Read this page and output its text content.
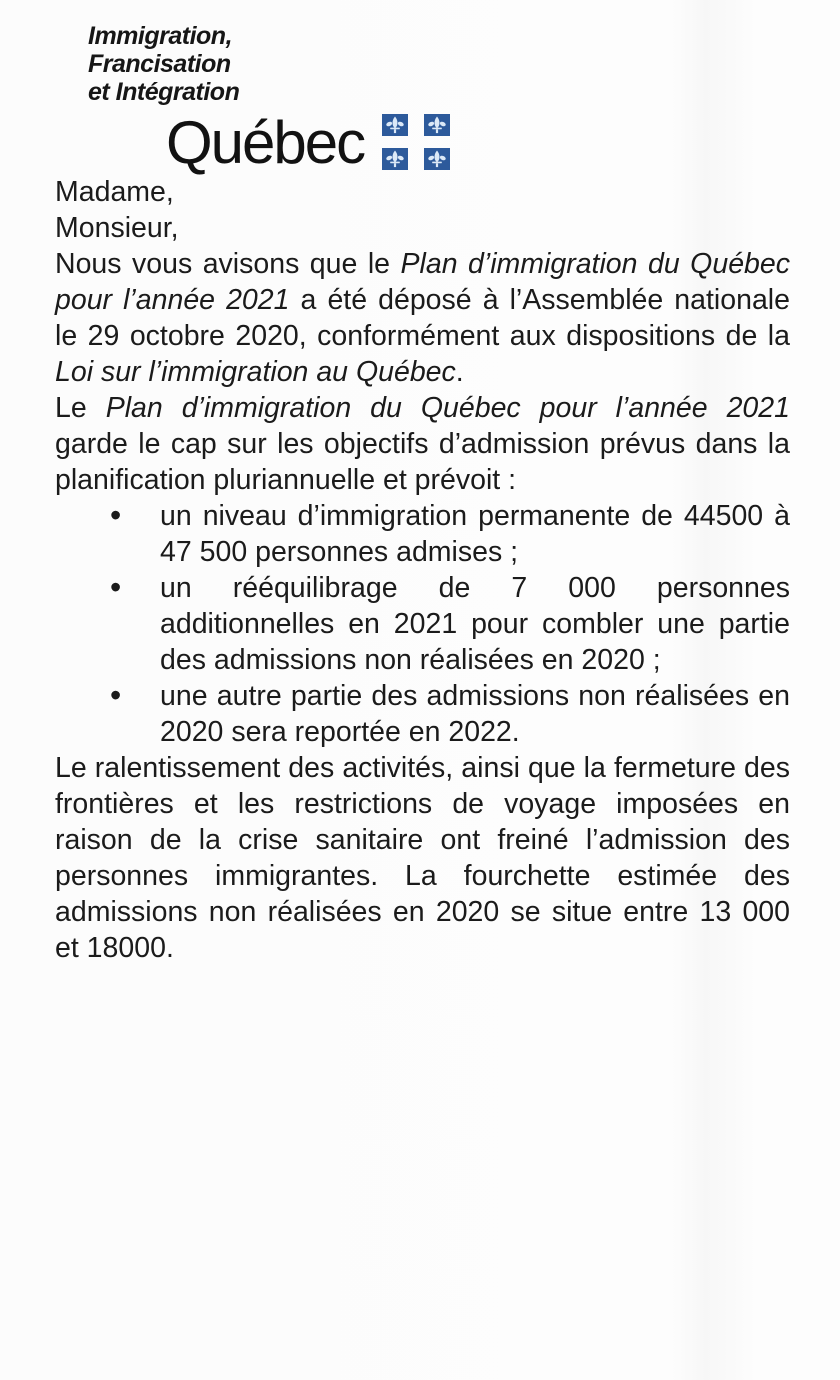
Immigration,
Francisation
et Intégration
Québec

Madame,
Monsieur,

Nous vous avisons que le Plan d’immigration du Québec pour l’année 2021 a été déposé à l’Assemblée nationale le 29 octobre 2020, conformément aux dispositions de la Loi sur l’immigration au Québec.

Le Plan d’immigration du Québec pour l’année 2021 garde le cap sur les objectifs d’admission prévus dans la planification pluriannuelle et prévoit :

• un niveau d’immigration permanente de 44500 à 47 500 personnes admises ;
• un rééquilibrage de 7 000 personnes additionnelles en 2021 pour combler une partie des admissions non réalisées en 2020 ;
• une autre partie des admissions non réalisées en 2020 sera reportée en 2022.

Le ralentissement des activités, ainsi que la fermeture des frontières et les restrictions de voyage imposées en raison de la crise sanitaire ont freiné l’admission des personnes immigrantes. La fourchette estimée des admissions non réalisées en 2020 se situe entre 13 000 et 18000.
